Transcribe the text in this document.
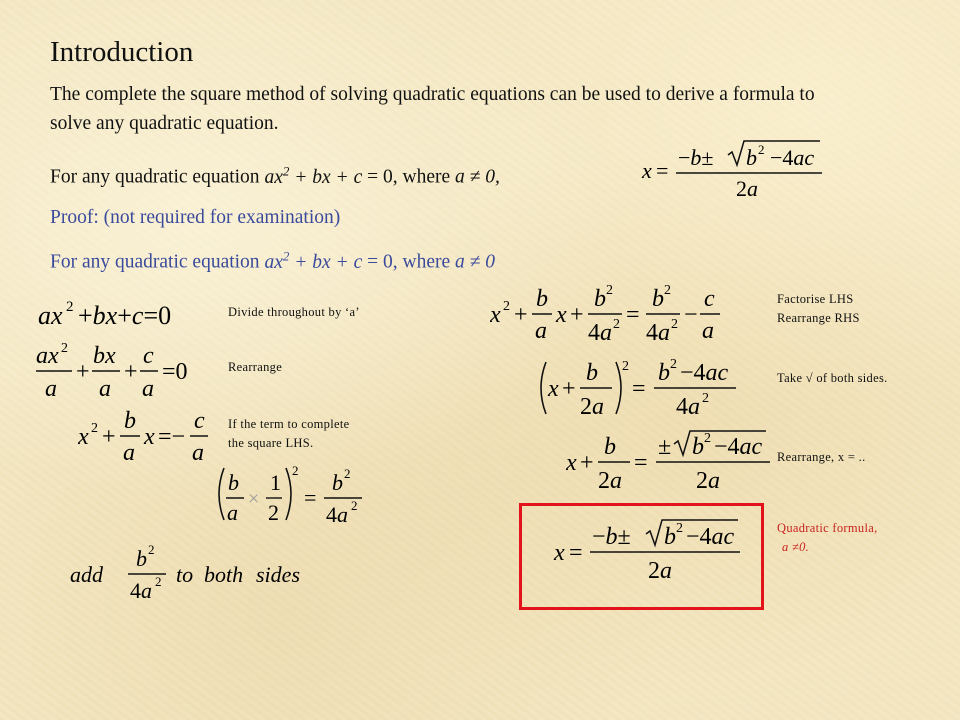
Introduction
The complete the square method of solving quadratic equations can be used to derive a formula to solve any quadratic equation.
For any quadratic equation $ax^2$ + bx + c = 0, where a ≠ 0,	x =
−b± b 2 −4ac
2a
Proof: (not required for examination)
For any quadratic equation $ax^2$ + bx + c = 0, where a ≠ 0
ax 2 +bx+c=0
ax 2
a
+
bx
a
+
c
a
=0
x 2 +
b
a
x =−
c
a
b
a
×
1
2
2
=
b 2
4a 2
add
b 2
4a 2 to both sides
Divide throughout by ‘a’
Rearrange
If the term to complete
the square LHS.
x 2 +
b
a
x +
b 2
4a 2 =
b 2
4a 2 −
c
a
x +
b
2a
2
=
b 2 −4ac
4a 2
x +
b
2a
=
± b 2 −4ac
2a
x =
−b± b 2 −4ac
2a
Factorise LHS
Rearrange RHS
Take √ of both sides.
Rearrange, x = ..
Quadratic formula,
a ≠0.
